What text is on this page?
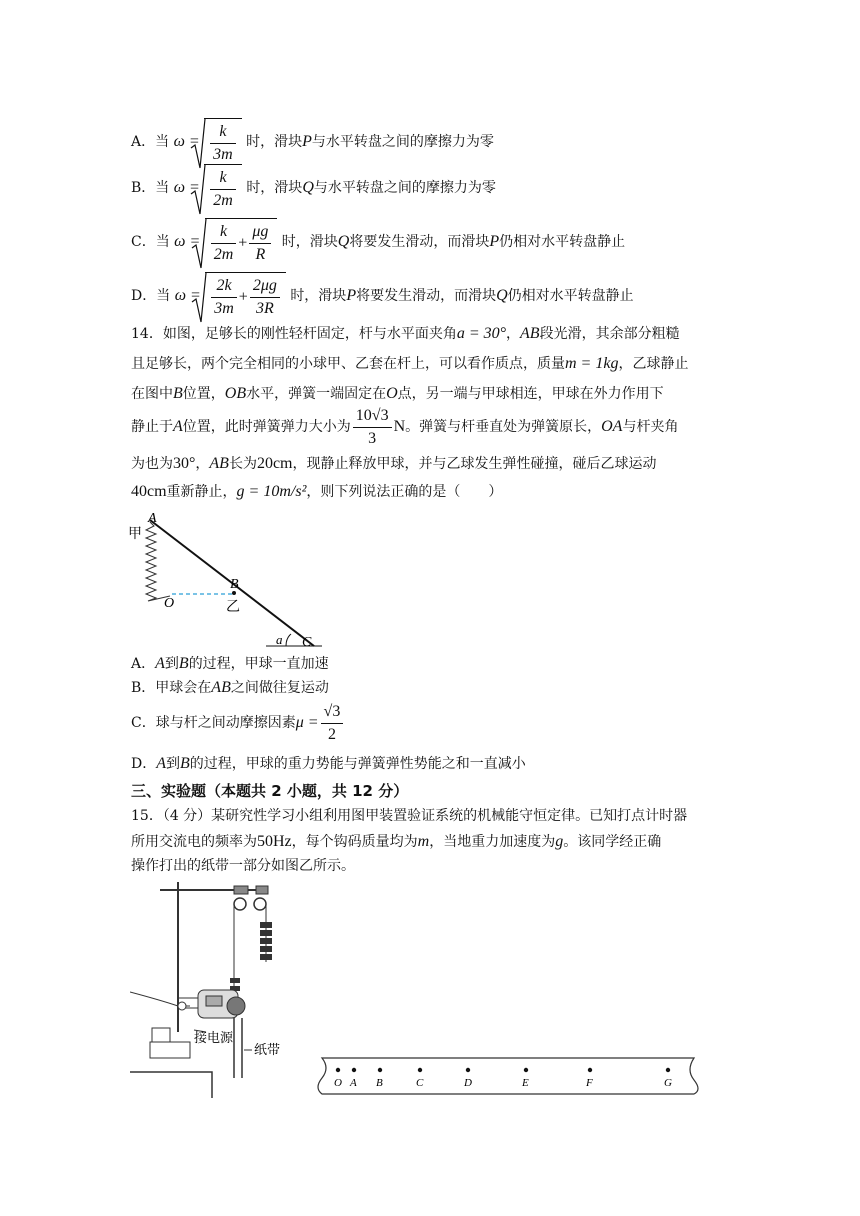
A．当 $\omega = \frac{k}{3m}$ 时，滑块P与水平转盘之间的摩擦力为零
B．当 $\omega = \frac{k}{2m}$ 时，滑块Q与水平转盘之间的摩擦力为零
C．当 $\omega = \frac{k}{2m} + \frac{\mu g}{R}$ 时，滑块Q将要发生滑动，而滑块P仍相对水平转盘静止
D．当 $\omega = \frac{2k}{3m} + \frac{2\mu g}{3R}$ 时，滑块P将要发生滑动，而滑块Q仍相对水平转盘静止
14．如图，足够长的刚性轻杆固定，杆与水平面夹角a = 30°，AB段光滑，其余部分粗糙
且足够长，两个完全相同的小球甲、乙套在杆上，可以看作质点，质量m = 1kg，乙球静止
在图中B位置，OB水平，弹簧一端固定在O点，另一端与甲球相连，甲球在外力作用下
静止于A位置，此时弹簧弹力大小为 $\frac{10√3}{3}$ N。弹簧与杆垂直处为弹簧原长，OA与杆夹角
为也为30°，AB长为20cm，现静止释放甲球，并与乙球发生弹性碰撞，碰后乙球运动
40cm重新静止，g = 10m/s²，则下列说法正确的是（　　）
A
甲
B
O	乙
a C
A．A到B的过程，甲球一直加速
B．甲球会在AB之间做往复运动
C．球与杆之间动摩擦因素$\mu = \frac{√3}{2}$
D．A到B的过程，甲球的重力势能与弹簧弹性势能之和一直减小
三、实验题（本题共 2 小题，共 12 分）
15．（4 分）某研究性学习小组利用图甲装置验证系统的机械能守恒定律。已知打点计时器
所用交流电的频率为50Hz，每个钩码质量均为m，当地重力加速度为g。该同学经正确
操作打出的纸带一部分如图乙所示。
接电源
纸带
O A B	C	D	E	F	G
